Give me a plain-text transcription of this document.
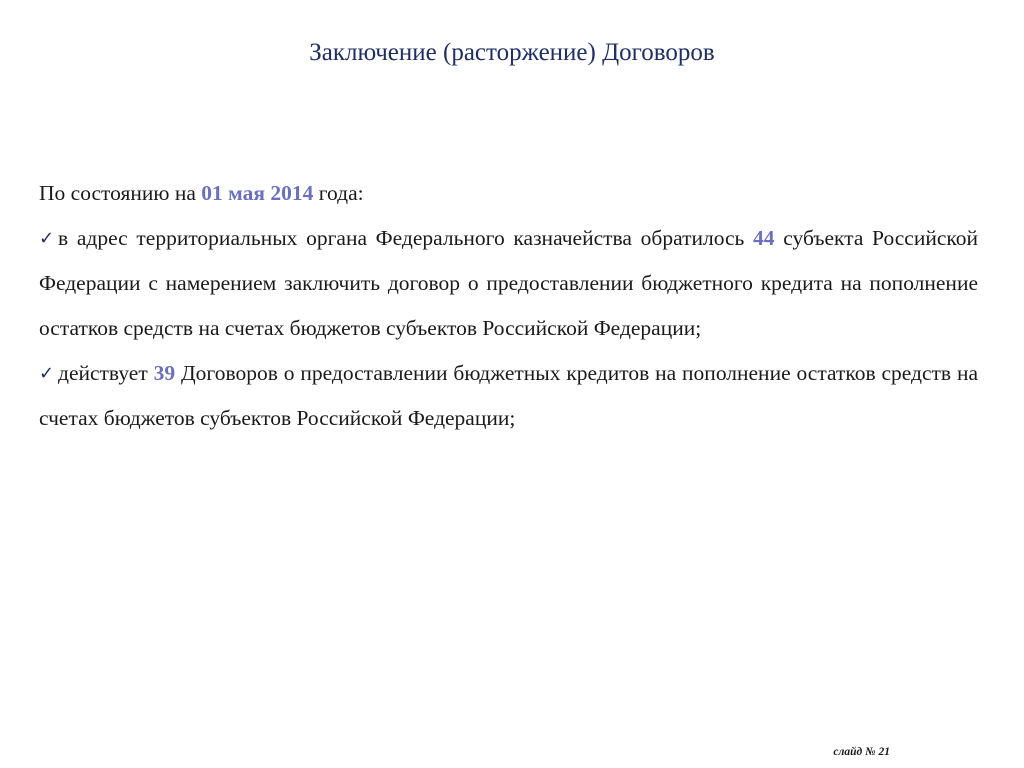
Заключение (расторжение) Договоров

По состоянию на 01 мая 2014 года:

✓ в адрес территориальных органа Федерального казначейства обратилось 44 субъекта Российской Федерации с намерением заключить договор о предоставлении бюджетного кредита на пополнение остатков средств на счетах бюджетов субъектов Российской Федерации;
✓ действует 39 Договоров о предоставлении бюджетных кредитов на пополнение остатков средств на счетах бюджетов субъектов Российской Федерации;
слайд № 21
